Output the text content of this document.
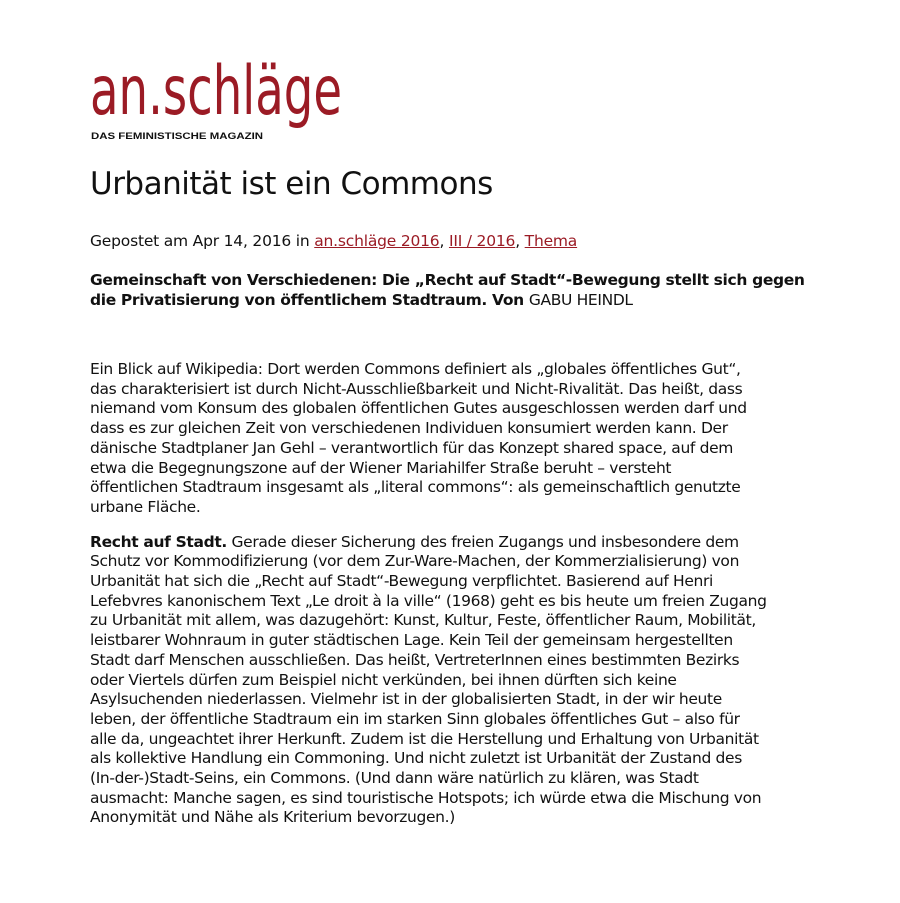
an.schläge
DAS FEMINISTISCHE MAGAZIN
Urbanität ist ein Commons
Gepostet am Apr 14, 2016 in an.schläge 2016, III / 2016, Thema
Gemeinschaft von Verschiedenen: Die „Recht auf Stadt“-Bewegung stellt sich gegen die Privatisierung von öffentlichem Stadtraum. Von GABU HEINDL

Ein Blick auf Wikipedia: Dort werden Commons definiert als „globales öffentliches Gut“,
das charakterisiert ist durch Nicht-Ausschließbarkeit und Nicht-Rivalität. Das heißt, dass
niemand vom Konsum des globalen öffentlichen Gutes ausgeschlossen werden darf und
dass es zur gleichen Zeit von verschiedenen Individuen konsumiert werden kann. Der
dänische Stadtplaner Jan Gehl – verantwortlich für das Konzept shared space, auf dem
etwa die Begegnungszone auf der Wiener Mariahilfer Straße beruht – versteht
öffentlichen Stadtraum insgesamt als „literal commons“: als gemeinschaftlich genutzte
urbane Fläche.

Recht auf Stadt. Gerade dieser Sicherung des freien Zugangs und insbesondere dem
Schutz vor Kommodifizierung (vor dem Zur-Ware-Machen, der Kommerzialisierung) von
Urbanität hat sich die „Recht auf Stadt“-Bewegung verpflichtet. Basierend auf Henri
Lefebvres kanonischem Text „Le droit à la ville“ (1968) geht es bis heute um freien Zugang
zu Urbanität mit allem, was dazugehört: Kunst, Kultur, Feste, öffentlicher Raum, Mobilität,
leistbarer Wohnraum in guter städtischen Lage. Kein Teil der gemeinsam hergestellten
Stadt darf Menschen ausschließen. Das heißt, VertreterInnen eines bestimmten Bezirks
oder Viertels dürfen zum Beispiel nicht verkünden, bei ihnen dürften sich keine
Asylsuchenden niederlassen. Vielmehr ist in der globalisierten Stadt, in der wir heute
leben, der öffentliche Stadtraum ein im starken Sinn globales öffentliches Gut – also für
alle da, ungeachtet ihrer Herkunft. Zudem ist die Herstellung und Erhaltung von Urbanität
als kollektive Handlung ein Commoning. Und nicht zuletzt ist Urbanität der Zustand des
(In-der-)Stadt-Seins, ein Commons. (Und dann wäre natürlich zu klären, was Stadt
ausmacht: Manche sagen, es sind touristische Hotspots; ich würde etwa die Mischung von
Anonymität und Nähe als Kriterium bevorzugen.)
